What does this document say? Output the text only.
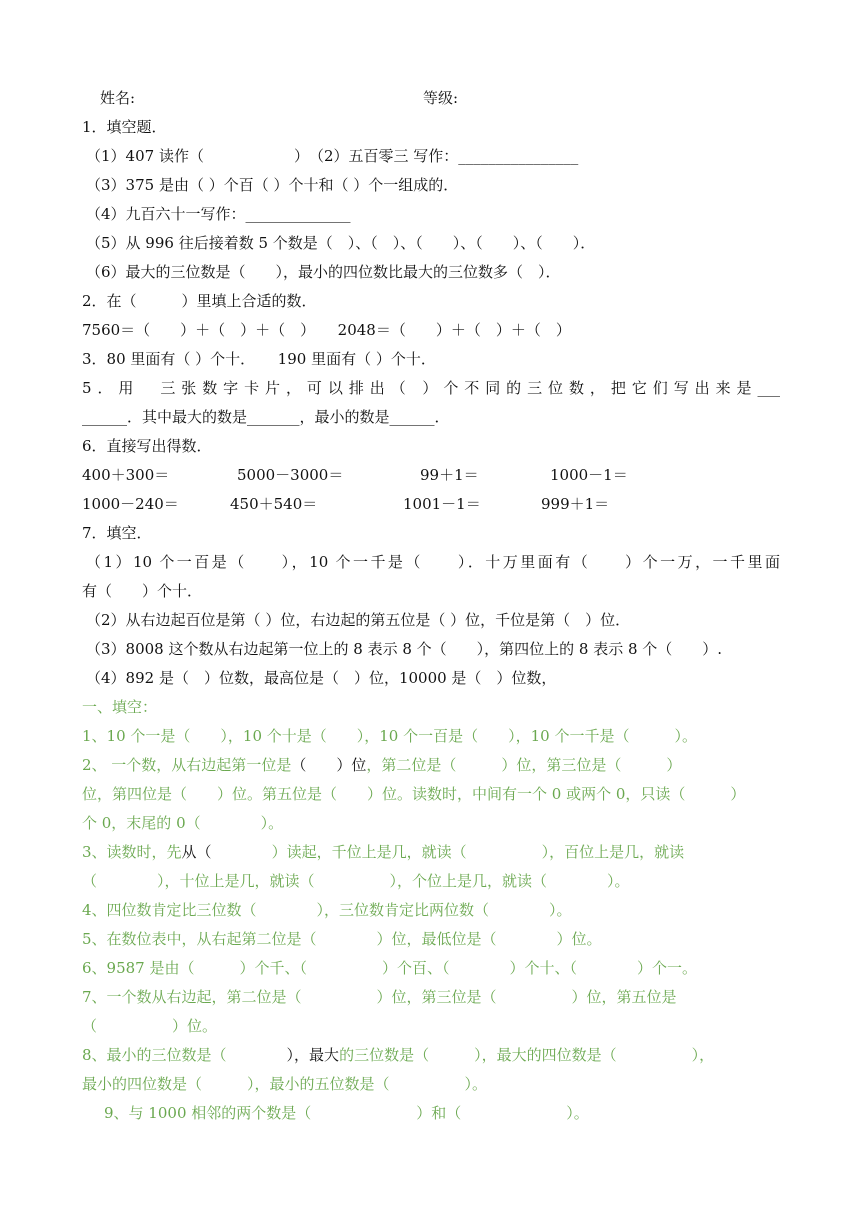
姓名:	等级:
1．填空题．
（1）407 读作（　　　　　　）　（2）五百零三 写作：________________
（3）375 是由（ ）个百（ ）个十和（ ）个一组成的．
（4）九百六十一写作：______________
（5）从 996 往后接着数 5 个数是（　）、（　）、（　　）、（　　）、（　　）．
（6）最大的三位数是（　　），最小的四位数比最大的三位数多（　）．
2．在（　　　）里填上合适的数．
7560＝（　　）＋（　）＋（　）　　2048＝（　　）＋（　）＋（　）
3．80 里面有（ ）个十．　　190 里面有（ ）个十．
5．用　三张数字卡片，可以排出（ ）个不同的三位数，把它们写出来是___
______．其中最大的数是_______，最小的数是______．
6．直接写出得数．
400＋300＝	5000－3000＝	99＋1＝	1000－1＝
1000－240＝	450＋540＝	1001－1＝	999＋1＝
7．填空．
（1）10 个一百是（　　），10 个一千是（　　）．十万里面有（　　）个一万，一千里面
有（　　）个十．
（2）从右边起百位是第（ ）位，右边起的第五位是（ ）位，千位是第（　）位．
（3）8008 这个数从右边起第一位上的 8 表示 8 个（　　），第四位上的 8 表示 8 个（　　）.
（4）892 是（　）位数，最高位是（　）位，10000 是（　）位数，
一、填空：
1、10 个一是（　　），10 个十是（　　），10 个一百是（　　），10 个一千是（　　　）。
2、 一个数，从右边起第一位是（　　）位，第二位是（　　　）位，第三位是（　　　）
位，第四位是（　　）位。第五位是（　　）位。读数时，中间有一个 0 或两个 0，只读（　　　）
个 0，末尾的 0（　　　　）。
3、读数时，先从（　　　　）读起，千位上是几，就读（　　　　　），百位上是几，就读
（　　　　），十位上是几，就读（　　　　　），个位上是几，就读（　　　　）。
4、四位数肯定比三位数（　　　　），三位数肯定比两位数（　　　　）。
5、在数位表中，从右起第二位是（　　　　）位，最低位是（　　　　）位。
6、9587 是由（　　　）个千、（　　　　　）个百、（　　　　）个十、（　　　　）个一。
7、一个数从右边起，第二位是（　　　　　）位，第三位是（　　　　　）位，第五位是
（　　　　　）位。
8、最小的三位数是（　　　　），最大的三位数是（　　　），最大的四位数是（　　　　　），
最小的四位数是（　　　），最小的五位数是（　　　　　）。
9、与 1000 相邻的两个数是（　　　　　　　）和（　　　　　　　）。
